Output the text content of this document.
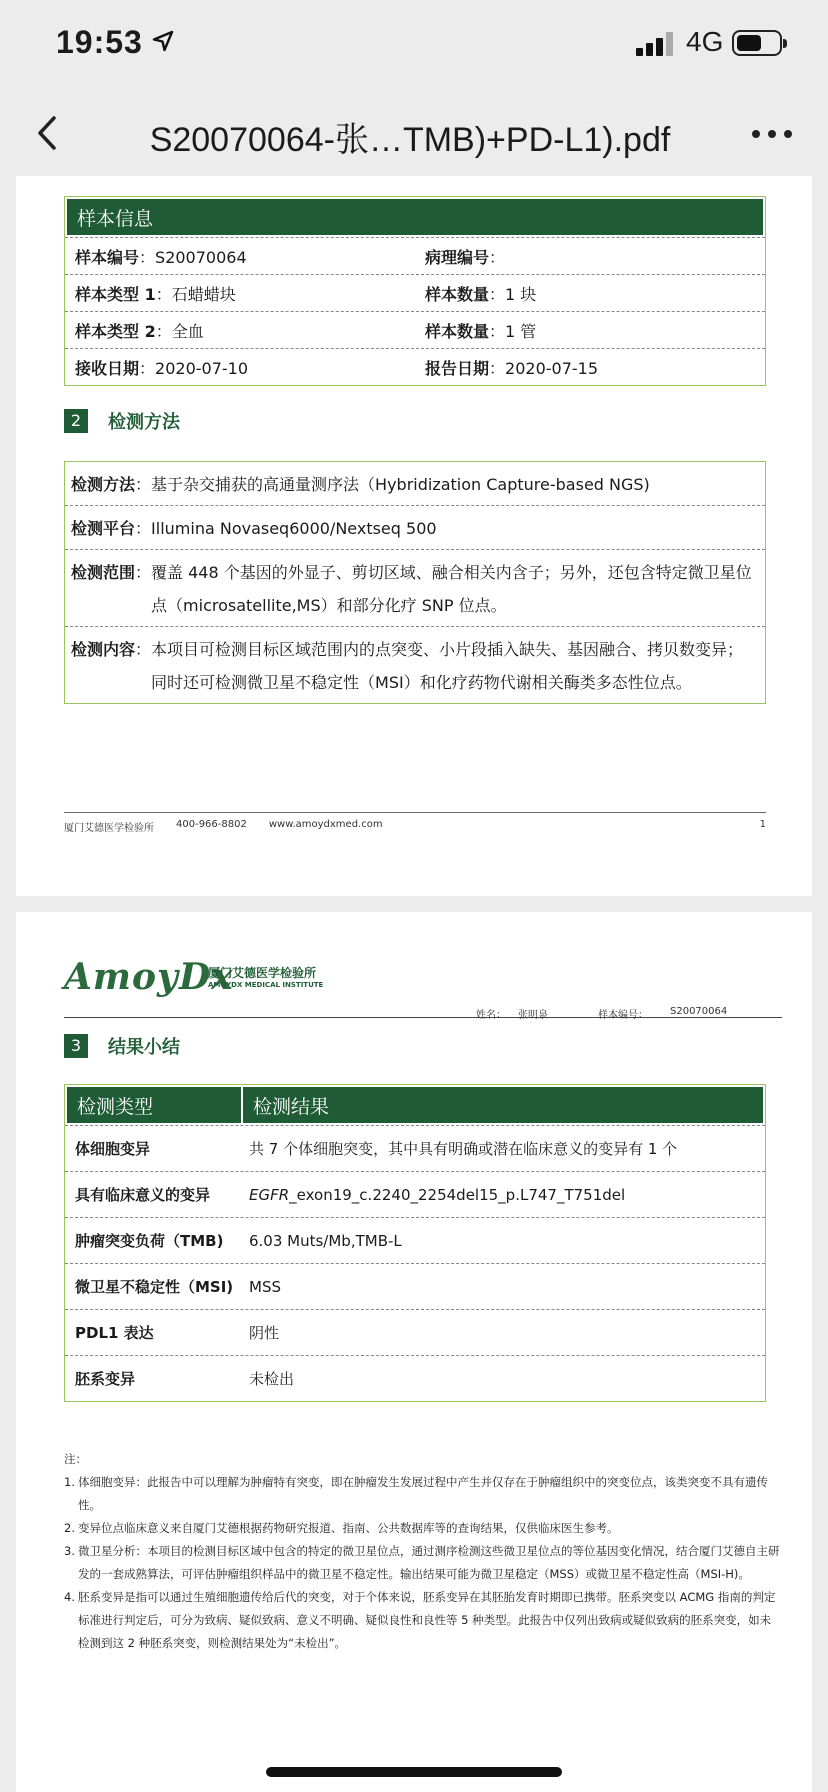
19:53	4G
S20070064-张…TMB)+PD-L1).pdf
样本信息
样本编号：S20070064	病理编号：
样本类型 1：石蜡蜡块	样本数量：1 块
样本类型 2：全血	样本数量：1 管
接收日期：2020-07-10	报告日期：2020-07-15
2	检测方法
检测方法 ： 基于杂交捕获的高通量测序法（Hybridization Capture-based NGS)
检测平台 ： Illumina Novaseq6000/Nextseq 500
检测范围 ： 覆盖 448 个基因的外显子、剪切区域、融合相关内含子；另外，还包含特定微卫星位点（microsatellite,MS）和部分化疗 SNP 位点。
检测内容 ： 本项目可检测目标区域范围内的点突变、小片段插入缺失、基因融合、拷贝数变异；同时还可检测微卫星不稳定性（MSI）和化疗药物代谢相关酶类多态性位点。
厦门艾德医学检验所 400-966-8802 www.amoydxmed.com	1
AmoyDx
厦门艾德医学检验所
AMOYDX MEDICAL INSTITUTE
姓名： 张明泉	样本编号： S20070064
3	结果小结
检测类型	检测结果
体细胞变异	共 7 个体细胞突变，其中具有明确或潜在临床意义的变异有 1 个
具有临床意义的变异	EGFR_exon19_c.2240_2254del15_p.L747_T751del
肿瘤突变负荷（TMB)	6.03 Muts/Mb,TMB-L
微卫星不稳定性（MSI)	MSS
PDL1 表达	阴性
胚系变异	未检出
注：
1. 体细胞变异：此报告中可以理解为肿瘤特有突变，即在肿瘤发生发展过程中产生并仅存在于肿瘤组织中的突变位点，该类突变不具有遗传性。
2. 变异位点临床意义来自厦门艾德根据药物研究报道、指南、公共数据库等的查询结果，仅供临床医生参考。
3. 微卫星分析：本项目的检测目标区域中包含的特定的微卫星位点，通过测序检测这些微卫星位点的等位基因变化情况，结合厦门艾德自主研发的一套成熟算法，可评估肿瘤组织样品中的微卫星不稳定性。输出结果可能为微卫星稳定（MSS）或微卫星不稳定性高（MSI-H)。
4. 胚系变异是指可以通过生殖细胞遗传给后代的突变，对于个体来说，胚系变异在其胚胎发育时期即已携带。胚系突变以 ACMG 指南的判定标准进行判定后，可分为致病、疑似致病、意义不明确、疑似良性和良性等 5 种类型。此报告中仅列出致病或疑似致病的胚系突变，如未检测到这 2 种胚系突变，则检测结果处为“未检出”。
